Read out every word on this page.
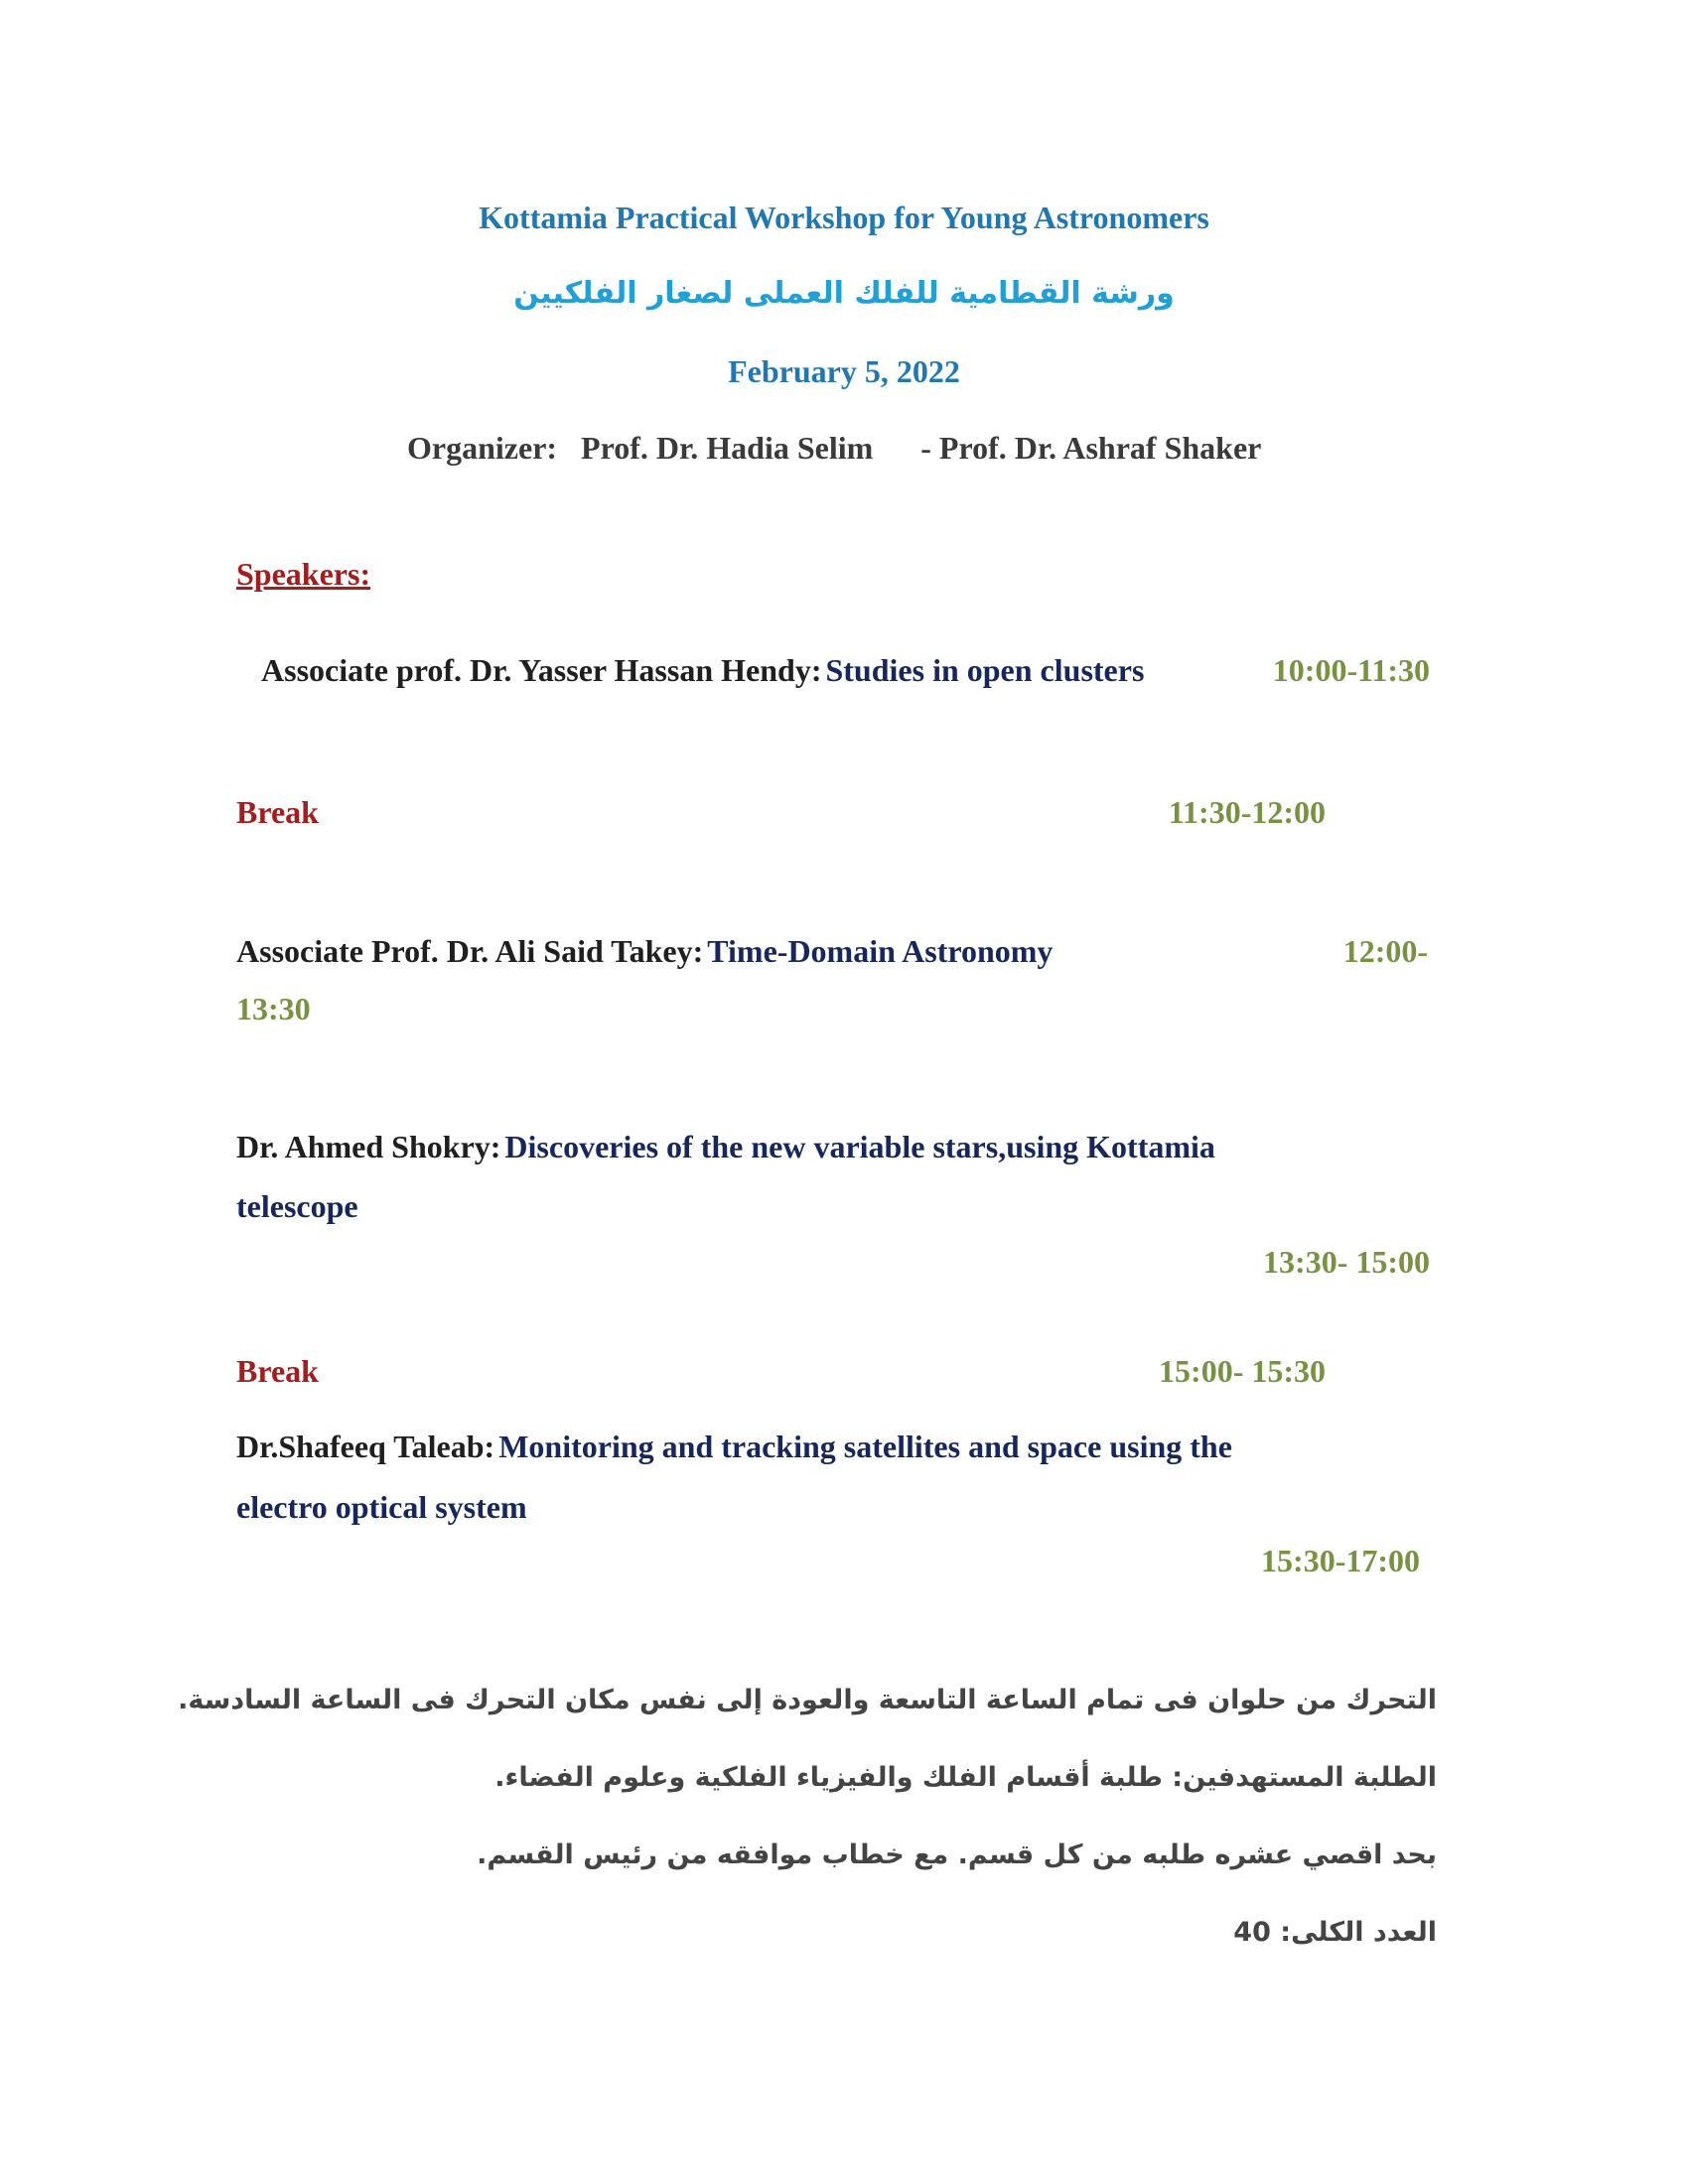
Kottamia Practical Workshop for Young Astronomers
ورشة القطامية للفلك العملى لصغار الفلكيين
February 5, 2022
Organizer: Prof. Dr. Hadia Selim - Prof. Dr. Ashraf Shaker
Speakers:
Associate prof. Dr. Yasser Hassan Hendy: Studies in open clusters	10:00-11:30
Break	11:30-12:00
Associate Prof. Dr. Ali Said Takey: Time-Domain Astronomy	12:00-
13:30
Dr. Ahmed Shokry: Discoveries of the new variable stars,using Kottamia
telescope
13:30- 15:00
Break	15:00- 15:30
Dr.Shafeeq Taleab: Monitoring and tracking satellites and space using the
electro optical system
15:30-17:00
التحرك من حلوان فى تمام الساعة التاسعة والعودة إلى نفس مكان التحرك فى الساعة السادسة.
الطلبة المستهدفين: طلبة أقسام الفلك والفيزياء الفلكية وعلوم الفضاء.
بحد اقصي عشره طلبه من كل قسم. مع خطاب موافقه من رئيس القسم.
العدد الكلى: 40
